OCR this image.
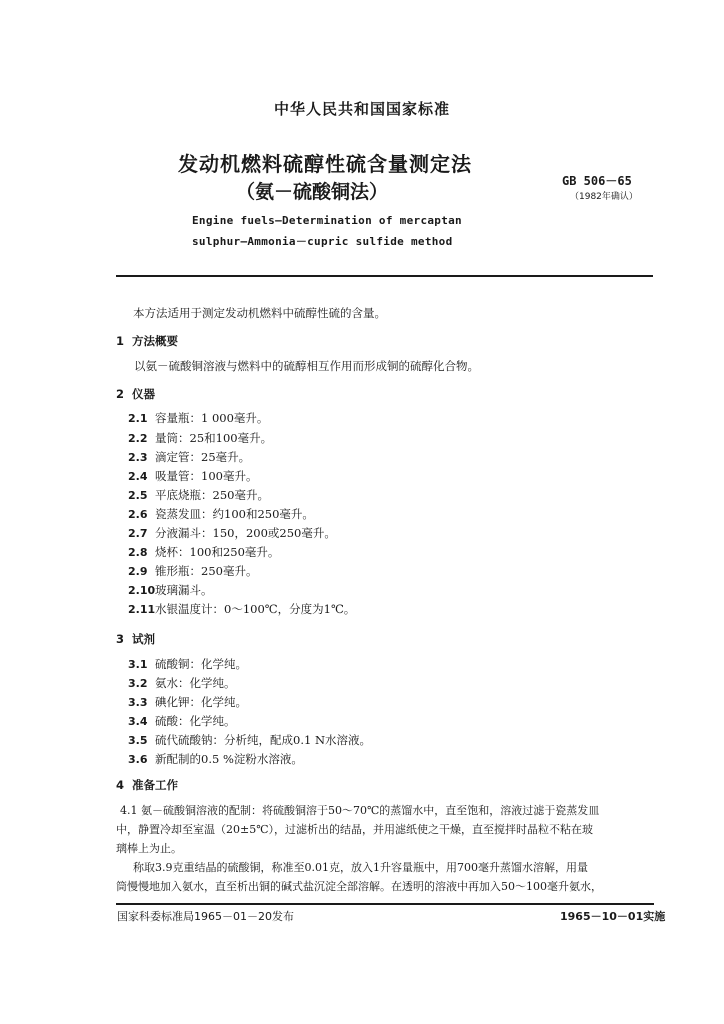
中华人民共和国国家标准
发动机燃料硫醇性硫含量测定法
（氨－硫酸铜法）	GB 506－65
（1982年确认）
Engine fuels—Determination of mercaptan
sulphur—Ammonia－cupric sulfide method
本方法适用于测定发动机燃料中硫醇性硫的含量。
1 方法概要
以氨－硫酸铜溶液与燃料中的硫醇相互作用而形成铜的硫醇化合物。
2 仪器
2.1 容量瓶：1 000毫升。
2.2 量筒：25和100毫升。
2.3 滴定管：25毫升。
2.4 吸量管：100毫升。
2.5 平底烧瓶：250毫升。
2.6 瓷蒸发皿：约100和250毫升。
2.7 分液漏斗：150，200或250毫升。
2.8 烧杯：100和250毫升。
2.9 锥形瓶：250毫升。
2.10玻璃漏斗。
2.11水银温度计：0～100℃，分度为1℃。
3 试剂
3.1 硫酸铜：化学纯。
3.2 氨水：化学纯。
3.3 碘化钾：化学纯。
3.4 硫酸：化学纯。
3.5 硫代硫酸钠：分析纯，配成0.1 N水溶液。
3.6 新配制的0.5 %淀粉水溶液。
4 准备工作
4.1 氨－硫酸铜溶液的配制：将硫酸铜溶于50～70℃的蒸馏水中，直至饱和，溶液过滤于瓷蒸发皿
中，静置冷却至室温（20±5℃），过滤析出的结晶，并用滤纸使之干燥，直至搅拌时晶粒不粘在玻
璃棒上为止。
称取3.9克重结晶的硫酸铜，称准至0.01克，放入1升容量瓶中，用700毫升蒸馏水溶解，用量
筒慢慢地加入氨水，直至析出铜的碱式盐沉淀全部溶解。在透明的溶液中再加入50～100毫升氨水，
国家科委标准局1965－01－20发布	1965－10－01实施
